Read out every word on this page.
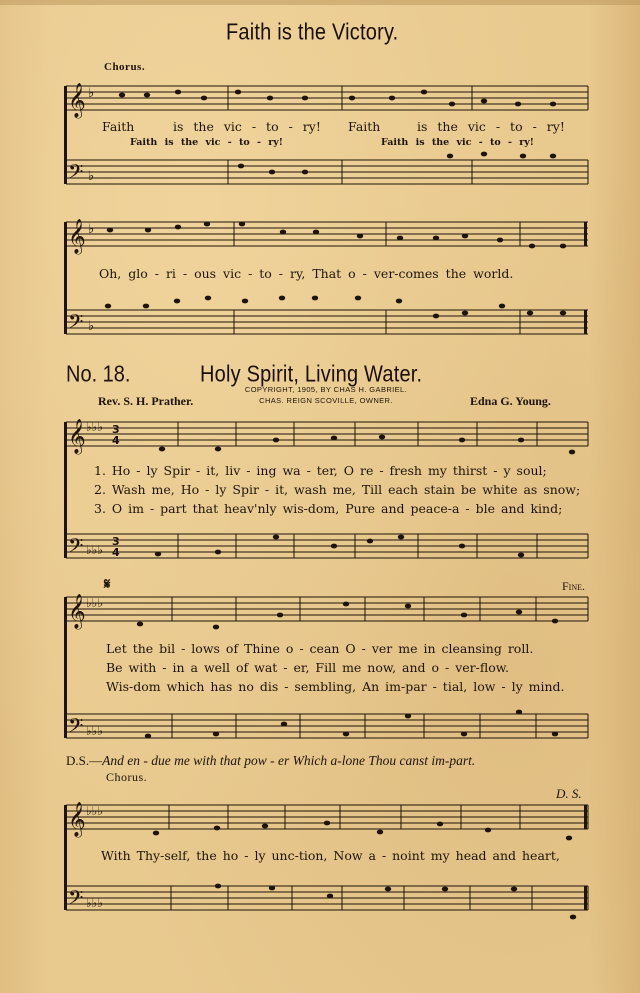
𝄞 ♭
𝄢 ♭
𝄞 ♭
𝄢 ♭
𝄞 ♭♭♭ 3
4
𝄢 ♭♭♭
3
4
𝄞 ♭♭♭
𝄢 ♭♭♭
𝄞 ♭♭♭
𝄢 ♭♭♭
Faith is the Victory.
Chorus.
Faith	is the vic - to - ry! Faith	is the vic - to - ry!
Faith is the vic - to - ry!	Faith is the vic - to - ry!
Oh, glo - ri - ous vic - to - ry, That o - ver-comes the world.
No. 18.	Holy Spirit, Living Water.
COPYRIGHT, 1905, BY CHAS H. GABRIEL.
CHAS. REIGN SCOVILLE, OWNER.
Rev. S. H. Prather.	Edna G. Young.
1. Ho - ly Spir - it, liv - ing wa - ter, O re - fresh my thirst - y soul;
2. Wash me, Ho - ly Spir - it, wash me, Till each stain be white as snow;
3. O im - part that heav'nly wis-dom, Pure and peace-a - ble and kind;
𝄋	Fine.
Let the bil - lows of Thine o - cean O - ver me in cleansing roll.
Be with - in a well of wat - er, Fill me now, and o - ver-flow.
Wis-dom which has no dis - sembling, An im-par - tial, low - ly mind.
D.S.—And en - due me with that pow - er Which a-lone Thou canst im-part.
Chorus.
D. S.
With Thy-self, the ho - ly unc-tion, Now a - noint my head and heart,
